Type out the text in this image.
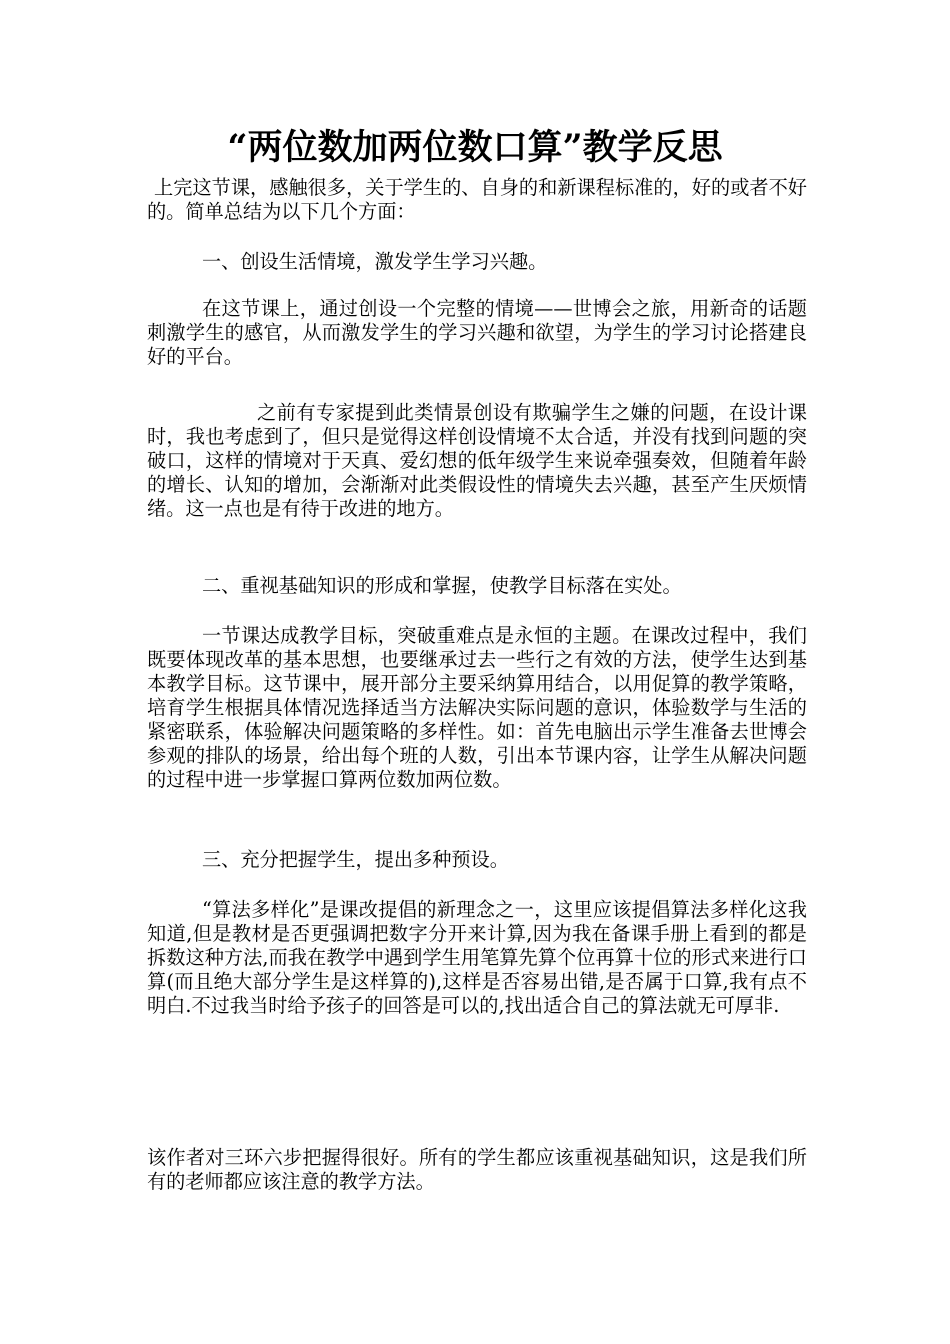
“两位数加两位数口算”教学反思

上完这节课，感触很多，关于学生的、自身的和新课程标准的，好的或者不好的。简单总结为以下几个方面：

一、创设生活情境，激发学生学习兴趣。

在这节课上，通过创设一个完整的情境——世博会之旅，用新奇的话题刺激学生的感官，从而激发学生的学习兴趣和欲望，为学生的学习讨论搭建良好的平台。

之前有专家提到此类情景创设有欺骗学生之嫌的问题，在设计课时，我也考虑到了，但只是觉得这样创设情境不太合适，并没有找到问题的突破口，这样的情境对于天真、爱幻想的低年级学生来说牵强奏效，但随着年龄的增长、认知的增加，会渐渐对此类假设性的情境失去兴趣，甚至产生厌烦情绪。这一点也是有待于改进的地方。

二、重视基础知识的形成和掌握，使教学目标落在实处。

一节课达成教学目标，突破重难点是永恒的主题。在课改过程中，我们既要体现改革的基本思想，也要继承过去一些行之有效的方法，使学生达到基本教学目标。这节课中，展开部分主要采纳算用结合，以用促算的教学策略，培育学生根据具体情况选择适当方法解决实际问题的意识，体验数学与生活的紧密联系，体验解决问题策略的多样性。如：首先电脑出示学生准备去世博会参观的排队的场景，给出每个班的人数，引出本节课内容，让学生从解决问题的过程中进一步掌握口算两位数加两位数。

三、充分把握学生，提出多种预设。

“算法多样化”是课改提倡的新理念之一，这里应该提倡算法多样化这我知道,但是教材是否更强调把数字分开来计算,因为我在备课手册上看到的都是拆数这种方法,而我在教学中遇到学生用笔算先算个位再算十位的形式来进行口算(而且绝大部分学生是这样算的),这样是否容易出错,是否属于口算,我有点不明白.不过我当时给予孩子的回答是可以的,找出适合自己的算法就无可厚非.

该作者对三环六步把握得很好。所有的学生都应该重视基础知识，这是我们所有的老师都应该注意的教学方法。
